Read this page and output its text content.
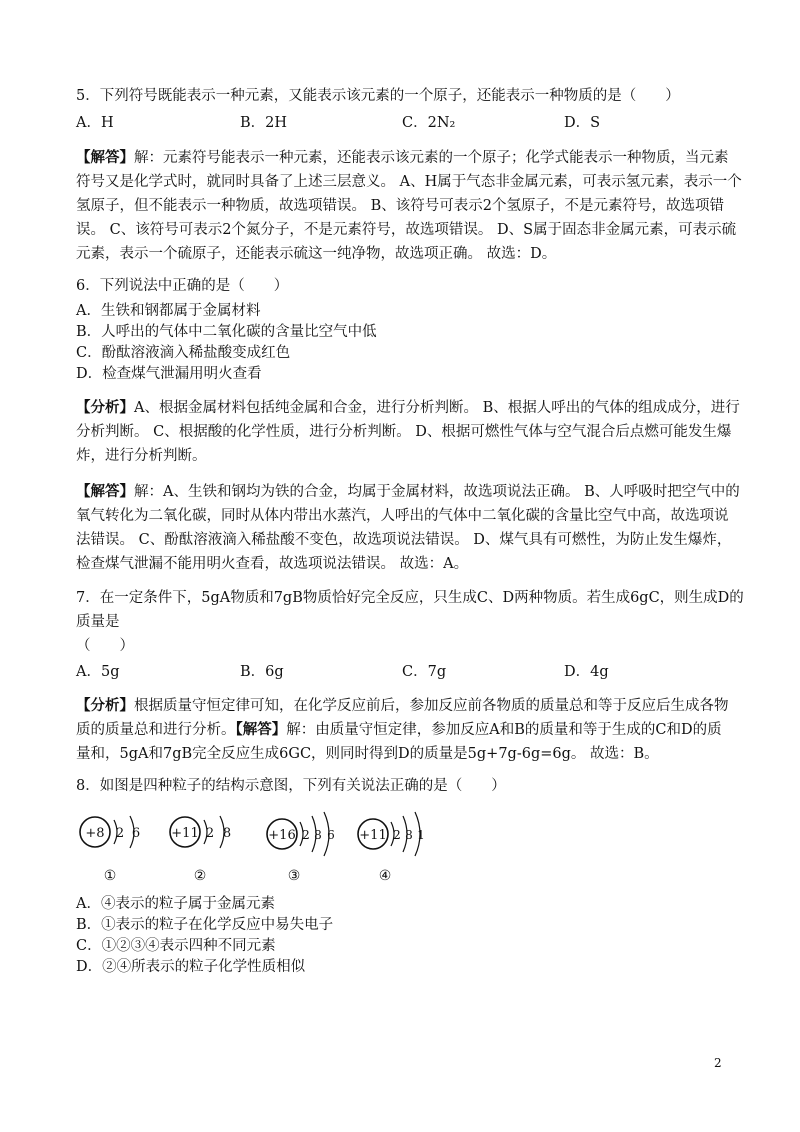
5．下列符号既能表示一种元素，又能表示该元素的一个原子，还能表示一种物质的是（　　）
A．H	B．2H	C．2N₂	D．S
【解答】解：元素符号能表示一种元素，还能表示该元素的一个原子；化学式能表示一种物质，当元素
符号又是化学式时，就同时具备了上述三层意义。 A、H属于气态非金属元素，可表示氢元素，表示一个
氢原子，但不能表示一种物质，故选项错误。 B、该符号可表示2个氢原子，不是元素符号，故选项错
误。 C、该符号可表示2个氮分子，不是元素符号，故选项错误。 D、S属于固态非金属元素，可表示硫
元素，表示一个硫原子，还能表示硫这一纯净物，故选项正确。 故选：D。
6．下列说法中正确的是（　　）
A．生铁和钢都属于金属材料
B．人呼出的气体中二氧化碳的含量比空气中低
C．酚酞溶液滴入稀盐酸变成红色
D．检查煤气泄漏用明火查看
【分析】A、根据金属材料包括纯金属和合金，进行分析判断。 B、根据人呼出的气体的组成成分，进行
分析判断。 C、根据酸的化学性质，进行分析判断。 D、根据可燃性气体与空气混合后点燃可能发生爆
炸，进行分析判断。
【解答】解：A、生铁和钢均为铁的合金，均属于金属材料，故选项说法正确。 B、人呼吸时把空气中的
氧气转化为二氧化碳，同时从体内带出水蒸汽，人呼出的气体中二氧化碳的含量比空气中高，故选项说
法错误。 C、酚酞溶液滴入稀盐酸不变色，故选项说法错误。 D、煤气具有可燃性，为防止发生爆炸，
检查煤气泄漏不能用明火查看，故选项说法错误。 故选：A。
7．在一定条件下，5gA物质和7gB物质恰好完全反应，只生成C、D两种物质。若生成6gC，则生成D的
质量是
（　　）
A．5g	B．6g	C．7g	D．4g
【分析】根据质量守恒定律可知，在化学反应前后，参加反应前各物质的质量总和等于反应后生成各物
质的质量总和进行分析。【解答】解：由质量守恒定律，参加反应A和B的质量和等于生成的C和D的质
量和，5gA和7gB完全反应生成6GC，则同时得到D的质量是5g+7g-6g=6g。 故选：B。
8．如图是四种粒子的结构示意图，下列有关说法正确的是（　　）
+8 2 6
①
+11 2 8
②
+16 2 8 6
③
+11 2 8 1
④
A．④表示的粒子属于金属元素
B．①表示的粒子在化学反应中易失电子
C．①②③④表示四种不同元素
D．②④所表示的粒子化学性质相似
2
